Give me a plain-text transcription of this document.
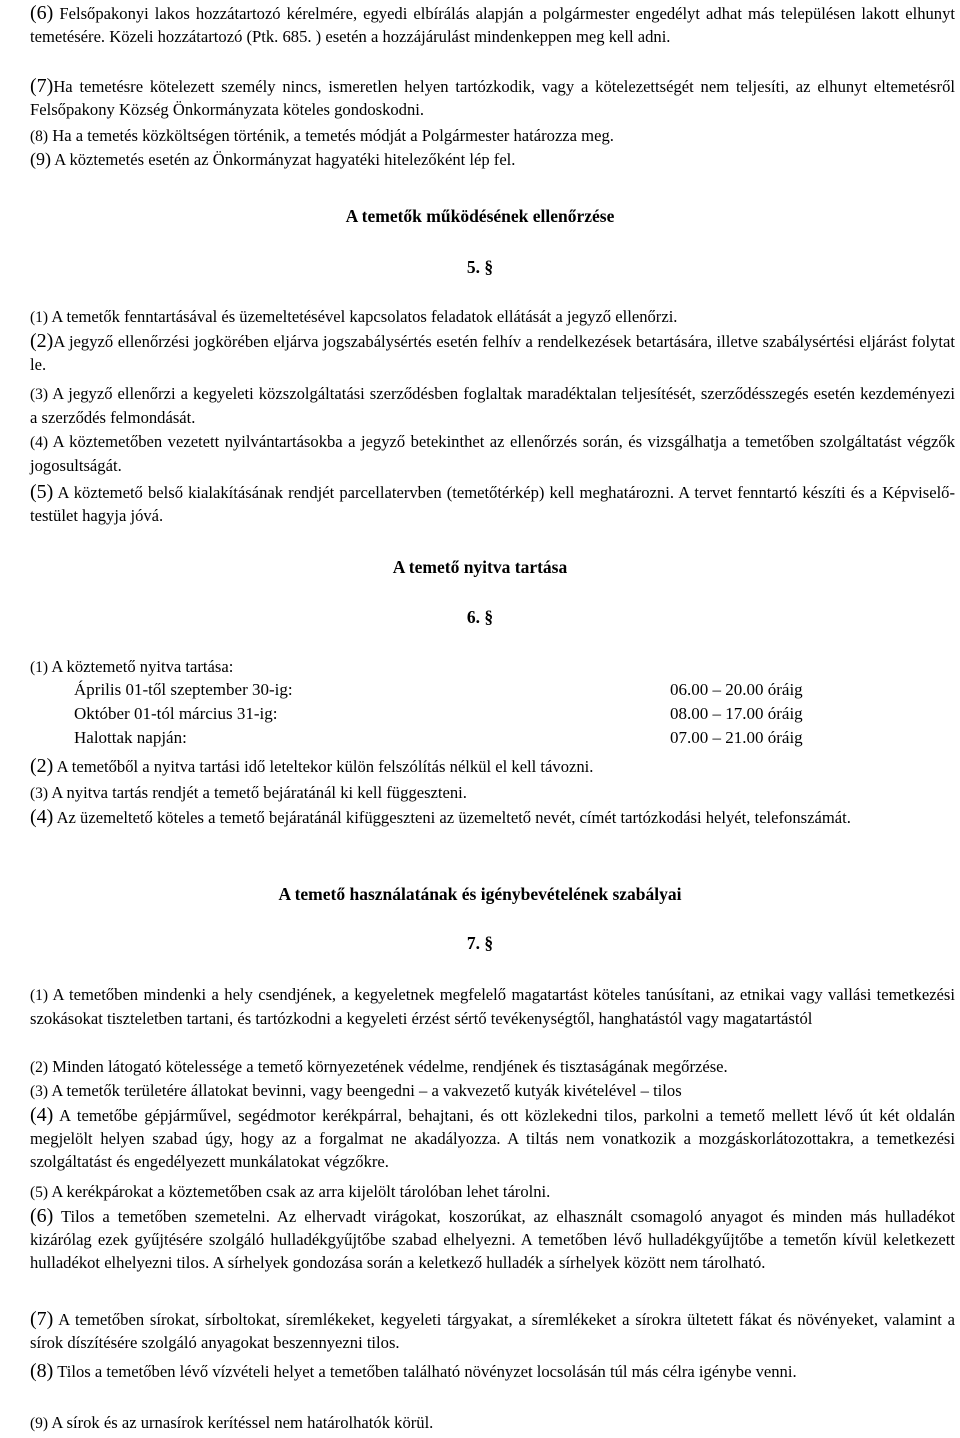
(6) Felsőpakonyi lakos hozzátartozó kérelmére, egyedi elbírálás alapján a polgármester engedélyt adhat más településen lakott elhunyt temetésére. Közeli hozzátartozó (Ptk. 685. ) esetén a hozzájárulást mindenkeppen meg kell adni.
(7)Ha temetésre kötelezett személy nincs, ismeretlen helyen tartózkodik, vagy a kötelezettségét nem teljesíti, az elhunyt eltemetésről Felsőpakony Község Önkormányzata köteles gondoskodni.
(8) Ha a temetés közköltségen történik, a temetés módját a Polgármester határozza meg.
(9) A köztemetés esetén az Önkormányzat hagyatéki hitelezőként lép fel.
A temetők működésének ellenőrzése
5. §
(1) A temetők fenntartásával és üzemeltetésével kapcsolatos feladatok ellátását a jegyző ellenőrzi.
(2)A jegyző ellenőrzési jogkörében eljárva jogszabálysértés esetén felhív a rendelkezések betartására, illetve szabálysértési eljárást folytat le.
(3) A jegyző ellenőrzi a kegyeleti közszolgáltatási szerződésben foglaltak maradéktalan teljesítését, szerződésszegés esetén kezdeményezi a szerződés felmondását.
(4) A köztemetőben vezetett nyilvántartásokba a jegyző betekinthet az ellenőrzés során, és vizsgálhatja a temetőben szolgáltatást végzők jogosultságát.
(5) A köztemető belső kialakításának rendjét parcellatervben (temetőtérkép) kell meghatározni. A tervet fenntartó készíti és a Képviselő-testület hagyja jóvá.
A temető nyitva tartása
6. §
(1) A köztemető nyitva tartása:
Április 01-től szeptember 30-ig:	06.00 – 20.00 óráig
Október 01-tól március 31-ig:	08.00 – 17.00 óráig
Halottak napján:	07.00 – 21.00 óráig
(2) A temetőből a nyitva tartási idő leteltekor külön felszólítás nélkül el kell távozni.
(3) A nyitva tartás rendjét a temető bejáratánál ki kell függeszteni.
(4) Az üzemeltető köteles a temető bejáratánál kifüggeszteni az üzemeltető nevét, címét tartózkodási helyét, telefonszámát.
A temető használatának és igénybevételének szabályai
7. §
(1) A temetőben mindenki a hely csendjének, a kegyeletnek megfelelő magatartást köteles tanúsítani, az etnikai vagy vallási temetkezési szokásokat tiszteletben tartani, és tartózkodni a kegyeleti érzést sértő tevékenységtől, hanghatástól vagy magatartástól
(2) Minden látogató kötelessége a temető környezetének védelme, rendjének és tisztaságának megőrzése.
(3) A temetők területére állatokat bevinni, vagy beengedni – a vakvezető kutyák kivételével – tilos
(4) A temetőbe gépjárművel, segédmotor kerékpárral, behajtani, és ott közlekedni tilos, parkolni a temető mellett lévő út két oldalán megjelölt helyen szabad úgy, hogy az a forgalmat ne akadályozza. A tiltás nem vonatkozik a mozgáskorlátozottakra, a temetkezési szolgáltatást és engedélyezett munkálatokat végzőkre.
(5) A kerékpárokat a köztemetőben csak az arra kijelölt tárolóban lehet tárolni.
(6) Tilos a temetőben szemetelni. Az elhervadt virágokat, koszorúkat, az elhasznált csomagoló anyagot és minden más hulladékot kizárólag ezek gyűjtésére szolgáló hulladékgyűjtőbe szabad elhelyezni. A temetőben lévő hulladékgyűjtőbe a temetőn kívül keletkezett hulladékot elhelyezni tilos. A sírhelyek gondozása során a keletkező hulladék a sírhelyek között nem tárolható.
(7) A temetőben sírokat, sírboltokat, síremlékeket, kegyeleti tárgyakat, a síremlékeket a sírokra ültetett fákat és növényeket, valamint a sírok díszítésére szolgáló anyagokat beszennyezni tilos.
(8) Tilos a temetőben lévő vízvételi helyet a temetőben található növényzet locsolásán túl más célra igénybe venni.
(9) A sírok és az urnasírok kerítéssel nem határolhatók körül.
